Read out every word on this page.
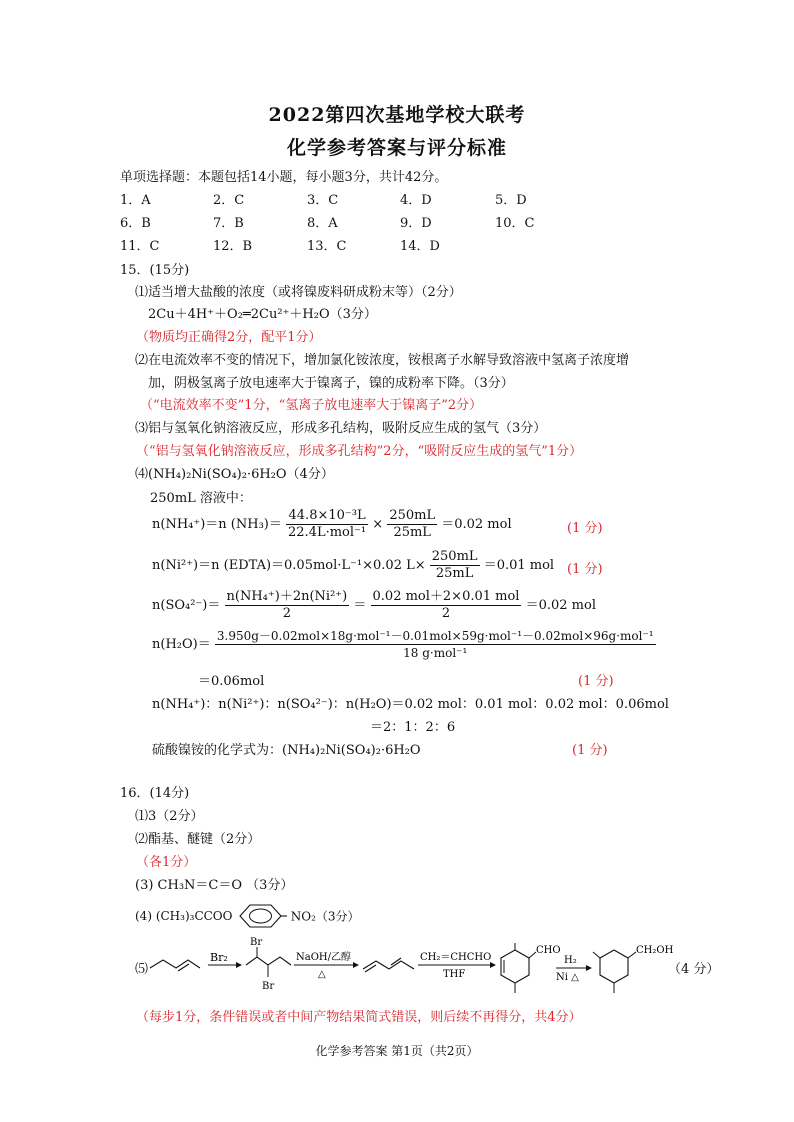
2022第四次基地学校大联考
化学参考答案与评分标准
单项选择题：本题包括14小题，每小题3分，共计42分。
1．A	2．C	3．C	4．D	5．D
6．B	7．B	8．A	9．D	10．C
11．C	12．B	13．C	14．D
15．(15分)
⑴适当增大盐酸的浓度（或将镍废料研成粉末等）（2分）
2Cu＋4H⁺＋O₂═2Cu²⁺＋H₂O（3分）
（物质均正确得2分，配平1分）
⑵在电流效率不变的情况下，增加氯化铵浓度，铵根离子水解导致溶液中氢离子浓度增
加，阴极氢离子放电速率大于镍离子，镍的成粉率下降。（3分）
（“电流效率不变”1分，“氢离子放电速率大于镍离子”2分）
⑶铝与氢氧化钠溶液反应，形成多孔结构，吸附反应生成的氢气（3分）
（“铝与氢氧化钠溶液反应，形成多孔结构”2分，“吸附反应生成的氢气”1分）
⑷(NH₄)₂Ni(SO₄)₂·6H₂O（4分）
250mL 溶液中：
n(NH₄⁺)＝n $(NH_3)= \frac{\text{44.8×10⁻³L}}{\text{22.4L·mol⁻¹}} \times \frac{250mL}{25mL} =0.02$ mol	(1 分)
n(Ni²⁺)＝n (EDTA)＝0.05mol·L⁻¹×0.02 $L\times \frac{250mL}{25mL} =0.01$ mol (1 分)
$n(SO_4^{2-})= \frac{\text{n(NH₄⁺)＋2n(Ni²⁺)}}{2} = \frac{\text{0.02 mol＋2×0.01 mol}}{2} =0.02$ mol
$n(H_2O)= \frac{\text{3.950g－0.02mol×18g·mol⁻¹－0.01mol×59g·mol⁻¹－0.02mol×96g·mol⁻¹}}{\text{18 g·mol⁻¹}}$
＝0.06mol	(1 分)
n(NH₄⁺)：n(Ni²⁺)：n(SO₄²⁻)：n(H₂O)＝0.02 mol：0.01 mol：0.02 mol：0.06mol
＝2：1：2：6
硫酸镍铵的化学式为：(NH₄)₂Ni(SO₄)₂·6H₂O	(1 分)
16．(14分)
⑴3（2分）
⑵酯基、醚键（2分）
（各1分）
(3) CH₃N＝C＝O （3分）
(4) (CH₃)₃CCOO	NO₂（3分）
⑸
Br₂
Br
Br
NaOH/乙醇
△
CH₂＝CHCHO
THF
CHO
H₂
Ni △
CH₂OH
（4 分）
（每步1分，条件错误或者中间产物结果简式错误，则后续不再得分，共4分）
化学参考答案 第1页（共2页）
